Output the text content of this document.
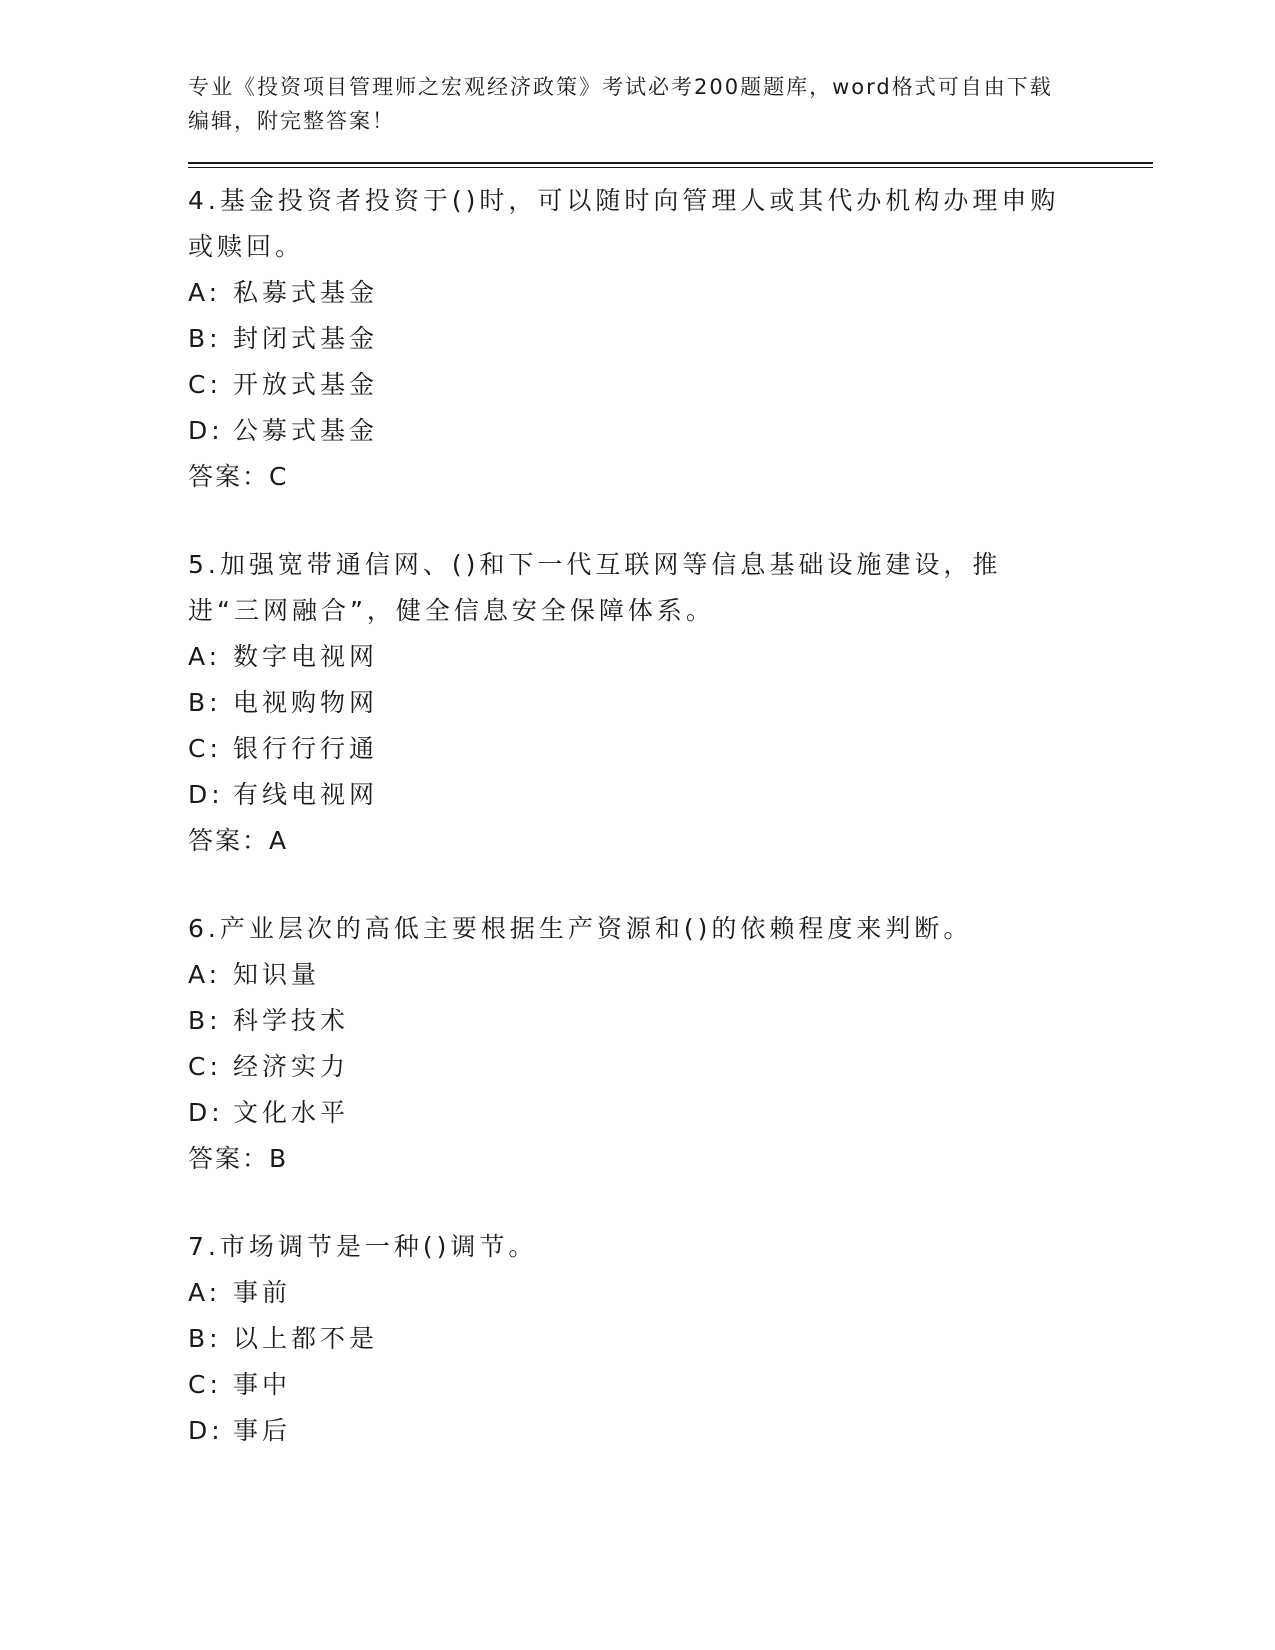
专业《投资项目管理师之宏观经济政策》考试必考200题题库，word格式可自由下载编辑，附完整答案！
4.基金投资者投资于()时，可以随时向管理人或其代办机构办理申购或赎回。
A: 私募式基金
B: 封闭式基金
C: 开放式基金
D: 公募式基金
答案：C
5.加强宽带通信网、()和下一代互联网等信息基础设施建设，推进“三网融合”，健全信息安全保障体系。
A: 数字电视网
B: 电视购物网
C: 银行行行通
D: 有线电视网
答案：A
6.产业层次的高低主要根据生产资源和()的依赖程度来判断。
A: 知识量
B: 科学技术
C: 经济实力
D: 文化水平
答案：B
7.市场调节是一种()调节。
A: 事前
B: 以上都不是
C: 事中
D: 事后
